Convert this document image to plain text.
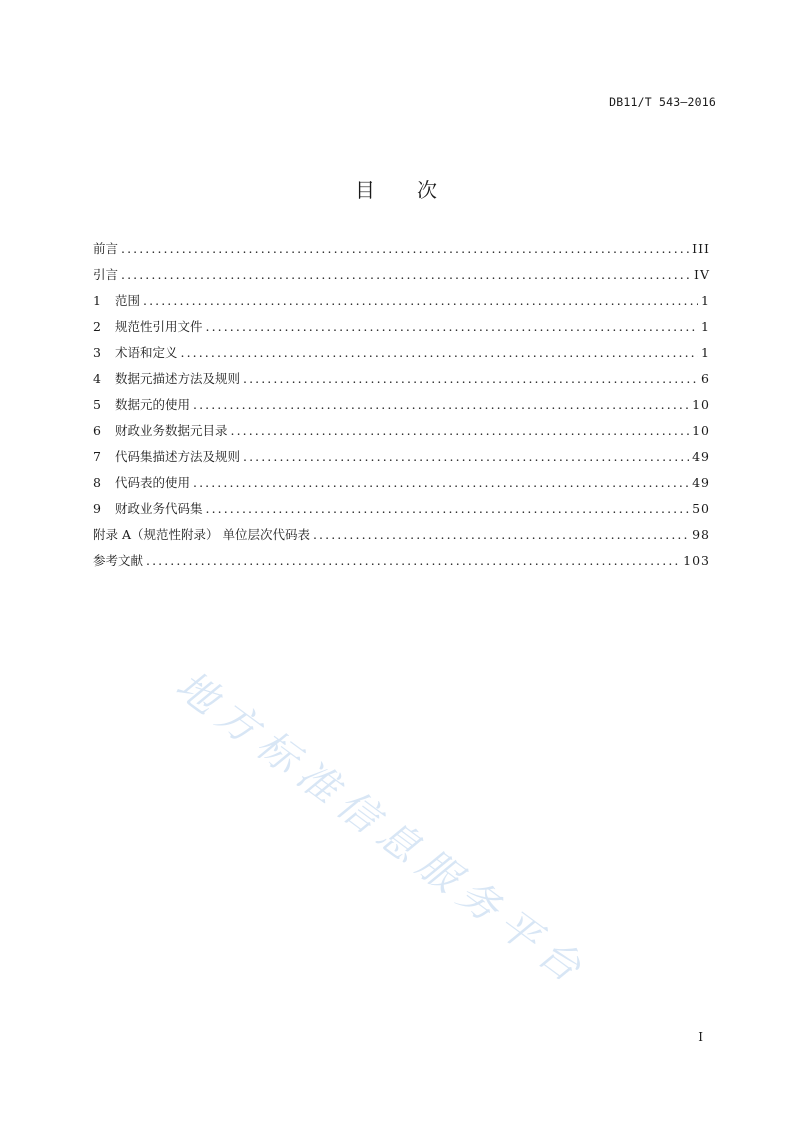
DB11/T 543—2016
目 次
前言 .....	III
引言 .....	IV
1	范围 .....	1
2	规范性引用文件 .....	1
3	术语和定义 .....	1
4	数据元描述方法及规则 .....	6
5	数据元的使用 .....	10
6	财政业务数据元目录 .....	10
7	代码集描述方法及规则 .....	49
8	代码表的使用 .....	49
9	财政业务代码集 .....	50
附录 A（规范性附录） 单位层次代码表 .....	98
参考文献 .....	103
地方标准信息服务平台
I
